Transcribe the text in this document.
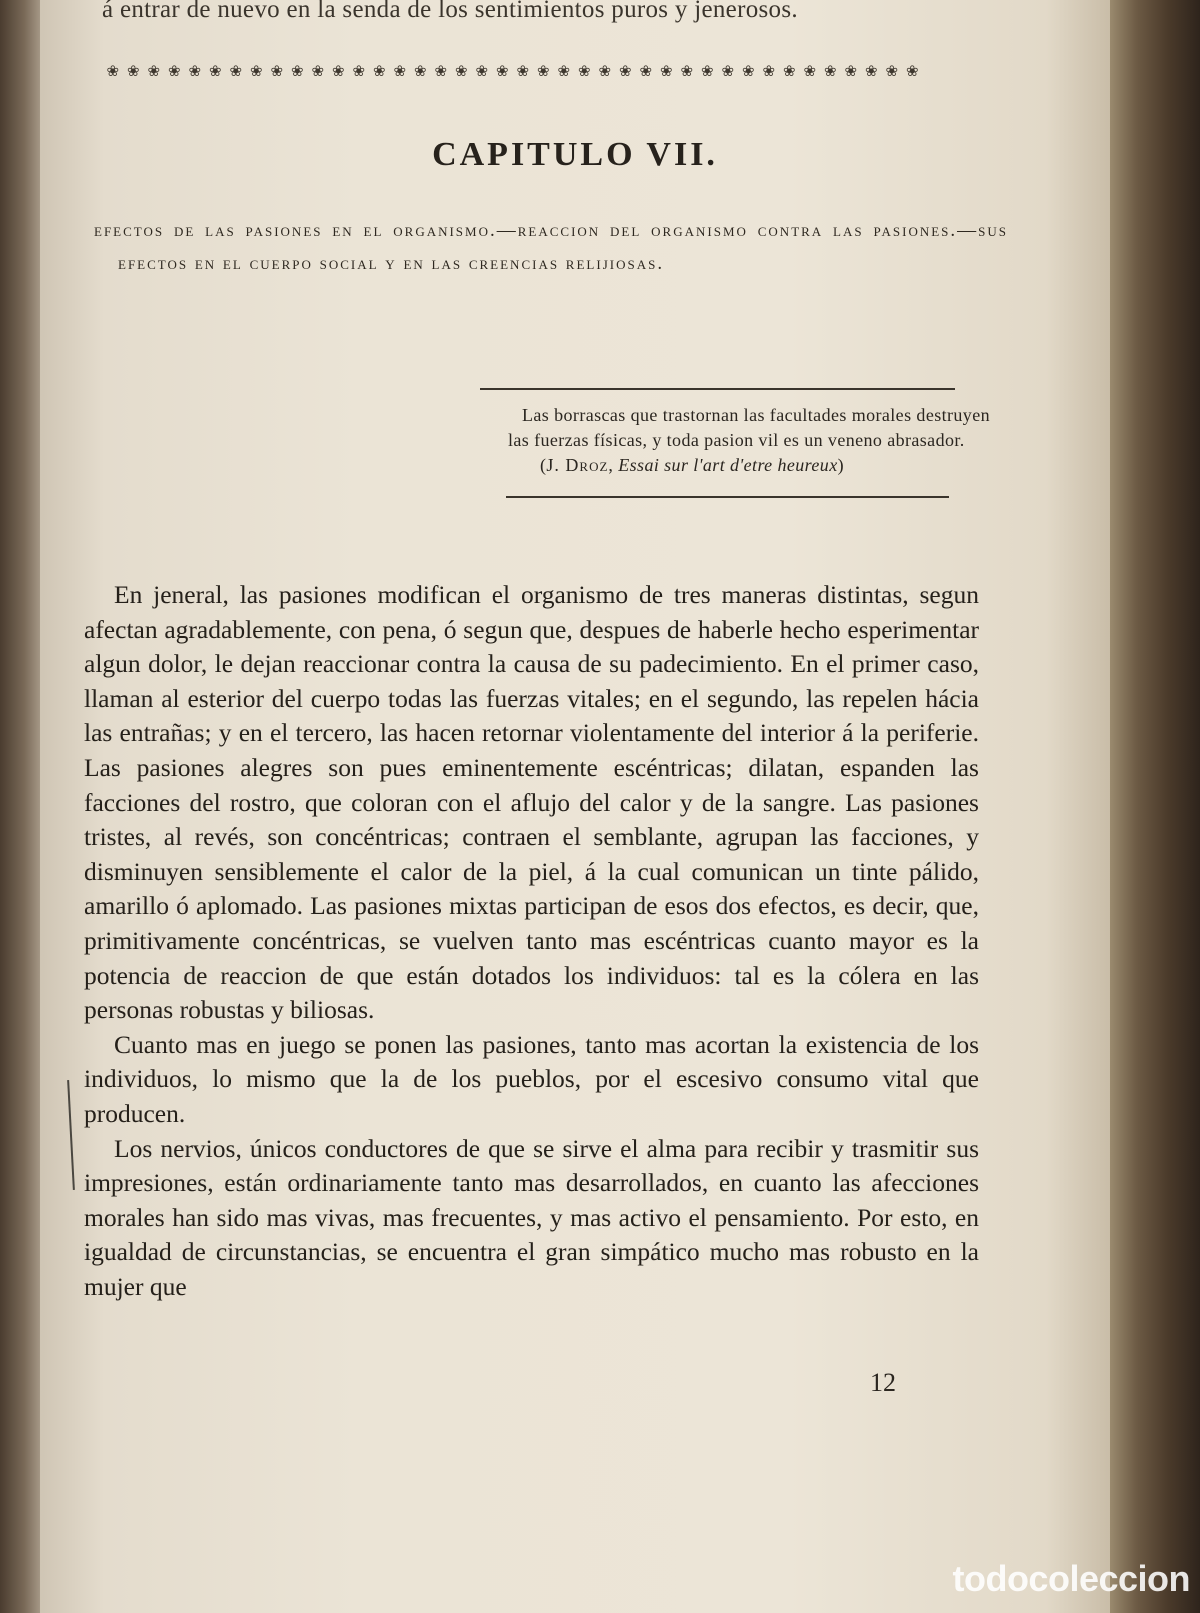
á entrar de nuevo en la senda de los sentimientos puros y jenerosos.
❀ ❀ ❀ ❀ ❀ ❀ ❀ ❀ ❀ ❀ ❀ ❀ ❀ ❀ ❀ ❀ ❀ ❀ ❀ ❀ ❀ ❀ ❀ ❀ ❀ ❀ ❀ ❀ ❀ ❀ ❀ ❀ ❀ ❀ ❀ ❀ ❀ ❀ ❀ ❀
CAPITULO VII.
efectos de las pasiones en el organismo.—reaccion del organismo contra las pasiones.—sus efectos en el cuerpo social y en las creencias relijiosas.

Las borrascas que trastornan las facultades morales destruyen las fuerzas físicas, y toda pasion vil es un veneno abrasador.

(J. Droz, Essai sur l'art d'etre heureux)

En jeneral, las pasiones modifican el organismo de tres maneras distintas, segun afectan agradablemente, con pena, ó segun que, despues de haberle hecho esperimentar algun dolor, le dejan reaccionar contra la causa de su padecimiento. En el primer caso, llaman al esterior del cuerpo todas las fuerzas vitales; en el segundo, las repelen hácia las entrañas; y en el tercero, las hacen retornar violentamente del interior á la periferie. Las pasiones alegres son pues eminentemente escéntricas; dilatan, espanden las facciones del rostro, que coloran con el aflujo del calor y de la sangre. Las pasiones tristes, al revés, son concéntricas; contraen el semblante, agrupan las facciones, y disminuyen sensiblemente el calor de la piel, á la cual comunican un tinte pálido, amarillo ó aplomado. Las pasiones mixtas participan de esos dos efectos, es decir, que, primitivamente concéntricas, se vuelven tanto mas escéntricas cuanto mayor es la potencia de reaccion de que están dotados los individuos: tal es la cólera en las personas robustas y biliosas.

Cuanto mas en juego se ponen las pasiones, tanto mas acortan la existencia de los individuos, lo mismo que la de los pueblos, por el escesivo consumo vital que producen.

Los nervios, únicos conductores de que se sirve el alma para recibir y trasmitir sus impresiones, están ordinariamente tanto mas desarrollados, en cuanto las afecciones morales han sido mas vivas, mas frecuentes, y mas activo el pensamiento. Por esto, en igualdad de circunstancias, se encuentra el gran simpático mucho mas robusto en la mujer que

12
todocoleccion
